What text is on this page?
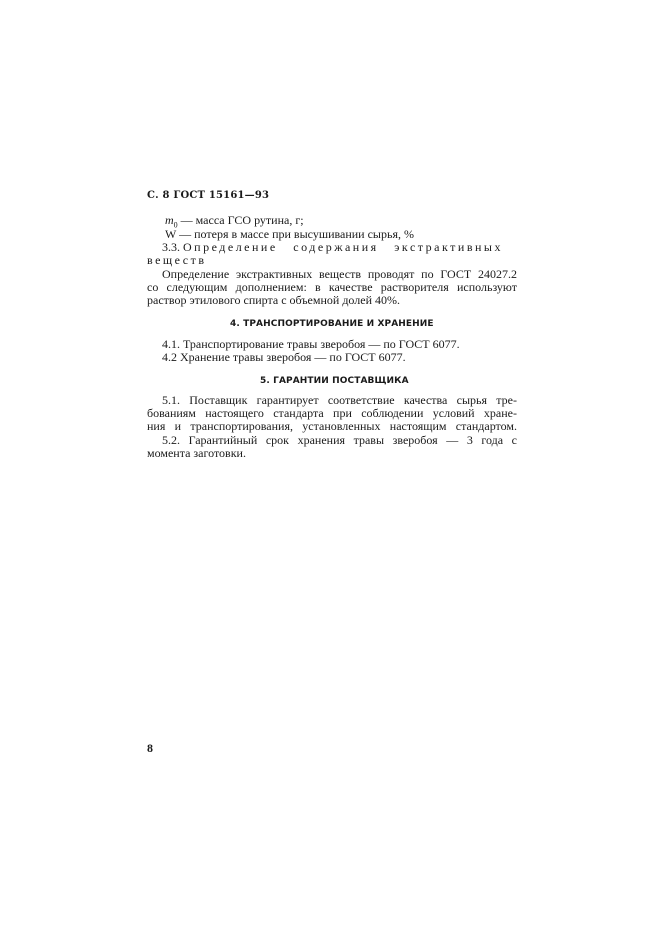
С. 8 ГОСТ 15161—93
$m_0$ — масса ГСО рутина, г;
W — потеря в массе при высушивании сырья, %
3.3. Определение содержания экстрактивных
веществ
Определение экстрактивных веществ проводят по ГОСТ 24027.2
со следующим дополнением: в качестве растворителя используют
раствор этилового спирта с объемной долей 40%.
4. ТРАНСПОРТИРОВАНИЕ И ХРАНЕНИЕ
4.1. Транспортирование травы зверобоя — по ГОСТ 6077.
4.2 Хранение травы зверобоя — по ГОСТ 6077.
5. ГАРАНТИИ ПОСТАВЩИКА
5.1. Поставщик гарантирует соответствие качества сырья тре-
бованиям настоящего стандарта при соблюдении условий хране-
ния и транспортирования, установленных настоящим стандартом.
5.2. Гарантийный срок хранения травы зверобоя — 3 года с
момента заготовки.
8
